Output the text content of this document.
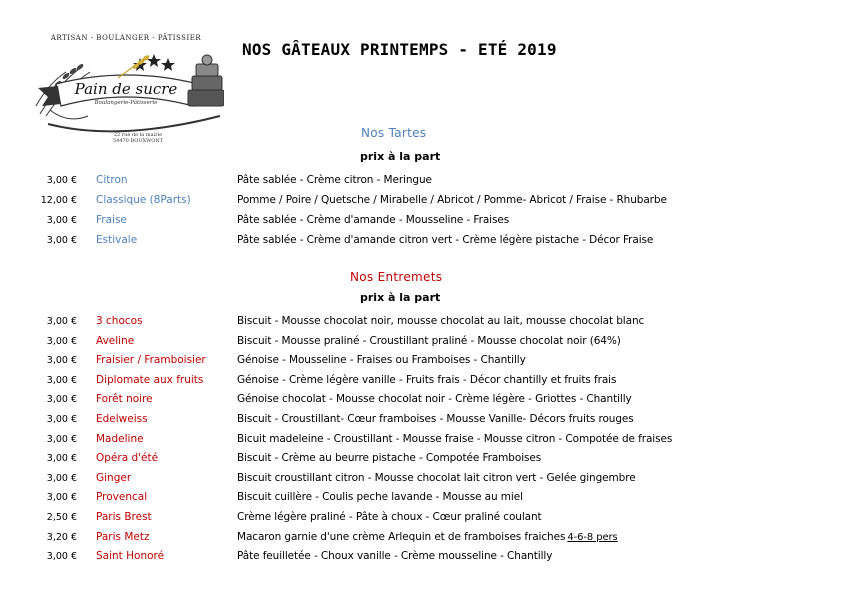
ARTISAN - BOULANGER - PÂTISSIER
Pain de sucre
Boulangerie-Pâtisserie
22 rue de la mairie
54470 BOUXWONT
NOS GÂTEAUX PRINTEMPS - ETÉ 2019
Nos Tartes
prix à la part
3,00 € Citron	Pâte sablée - Crème citron - Meringue
12,00 € Classique (8Parts)	Pomme / Poire / Quetsche / Mirabelle / Abricot / Pomme- Abricot / Fraise - Rhubarbe
3,00 € Fraise	Pâte sablée - Crème d'amande - Mousseline - Fraises
3,00 € Estivale	Pâte sablée - Crème d'amande citron vert - Crème légère pistache - Décor Fraise
Nos Entremets
prix à la part
3,00 € 3 chocos	Biscuit - Mousse chocolat noir, mousse chocolat au lait, mousse chocolat blanc
3,00 € Aveline	Biscuit - Mousse praliné - Croustillant praliné - Mousse chocolat noir (64%)
3,00 € Fraisier / Framboisier	Génoise - Mousseline - Fraises ou Framboises - Chantilly
3,00 € Diplomate aux fruits	Génoise - Crème légère vanille - Fruits frais - Décor chantilly et fruits frais
3,00 € Forêt noire	Génoise chocolat - Mousse chocolat noir - Crème légère - Griottes - Chantilly
3,00 € Edelweiss	Biscuit - Croustillant- Cœur framboises - Mousse Vanille- Décors fruits rouges
3,00 € Madeline	Bicuit madeleine - Croustillant - Mousse fraise - Mousse citron - Compotée de fraises
3,00 € Opéra d'été	Biscuit - Crème au beurre pistache - Compotée Framboises
3,00 € Ginger	Biscuit croustillant citron - Mousse chocolat lait citron vert - Gelée gingembre
3,00 € Provencal	Biscuit cuillère - Coulis peche lavande - Mousse au miel
2,50 € Paris Brest	Crème légère praliné - Pâte à choux - Cœur praliné coulant
3,20 € Paris Metz	Macaron garnie d'une crème Arlequin et de framboises fraiches 4-6-8 pers
3,00 € Saint Honoré	Pâte feuilletée - Choux vanille - Crème mousseline - Chantilly
